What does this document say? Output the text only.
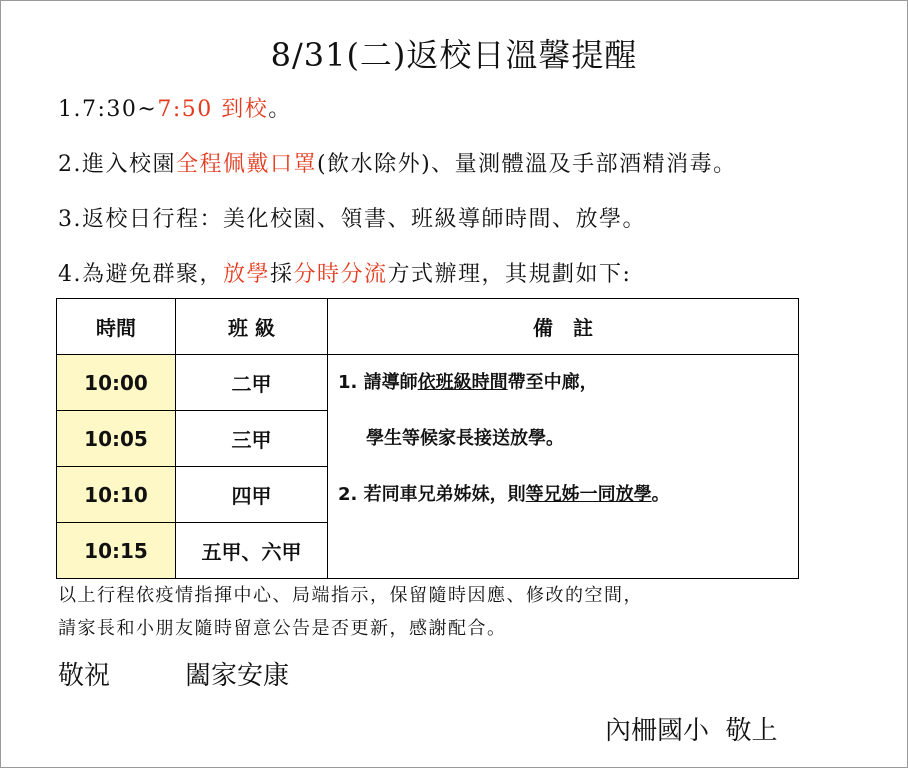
8/31(二)返校日溫馨提醒
1.7:30~7:50 到校。
2.進入校園全程佩戴口罩(飲水除外)、量測體溫及手部酒精消毒。
3.返校日行程：美化校園、領書、班級導師時間、放學。
4.為避免群聚，放學採分時分流方式辦理，其規劃如下:
時間	班 級	備　註
10:00	二甲	1. 請導師依班級時間帶至中廊，
學生等候家長接送放學。
2. 若同車兄弟姊妹，則等兄姊一同放學。

10:05	三甲	
10:10	四甲	
10:15	五甲、六甲	
以上行程依疫情指揮中心、局端指示，保留隨時因應、修改的空間，
請家長和小朋友隨時留意公告是否更新，感謝配合。
敬祝	闔家安康
內柵國小  敬上
